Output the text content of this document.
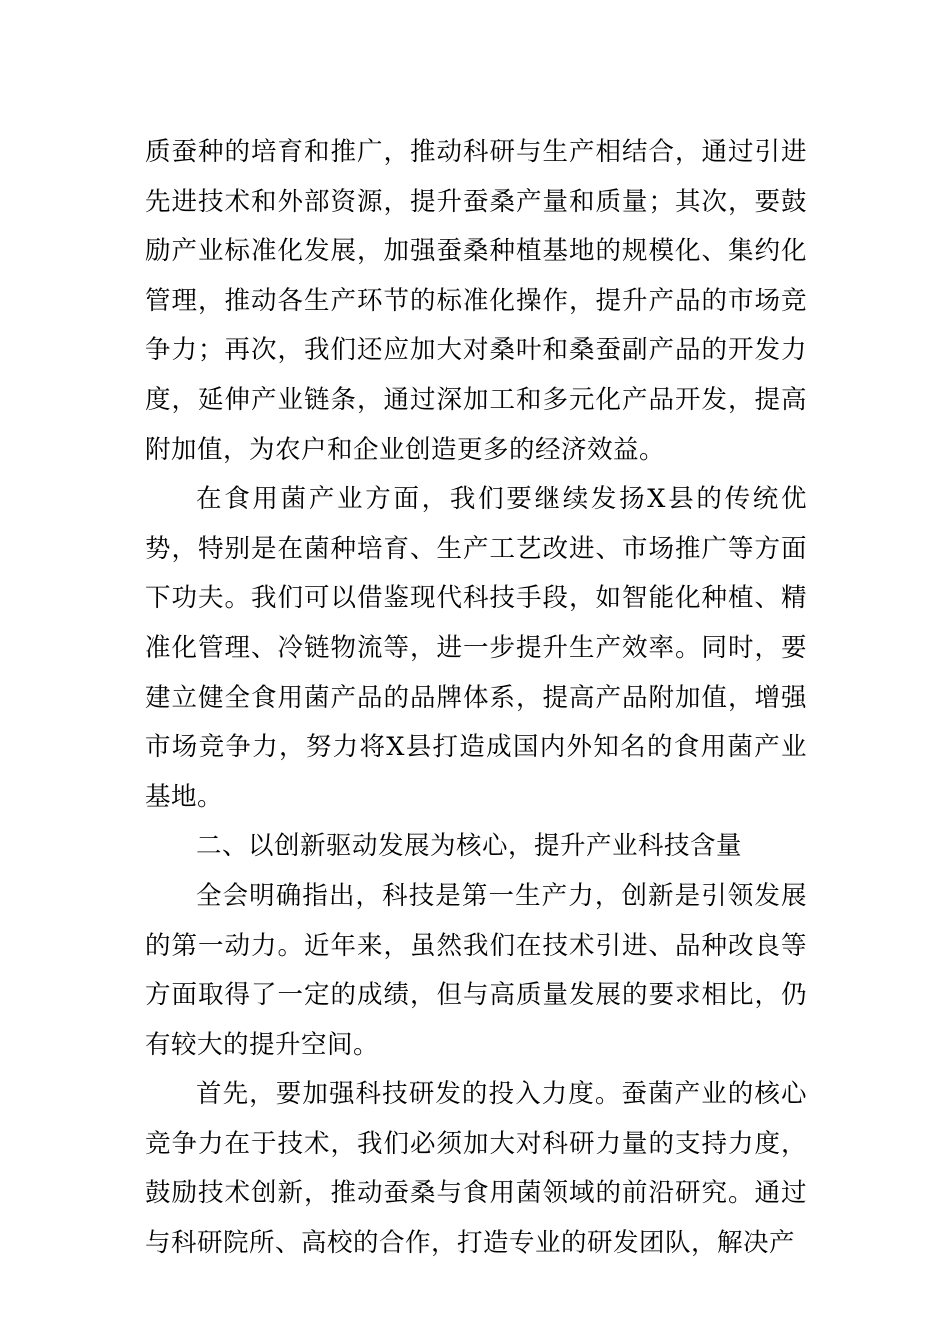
质蚕种的培育和推广，推动科研与生产相结合，通过引进先进技术和外部资源，提升蚕桑产量和质量；其次，要鼓励产业标准化发展，加强蚕桑种植基地的规模化、集约化管理，推动各生产环节的标准化操作，提升产品的市场竞争力；再次，我们还应加大对桑叶和桑蚕副产品的开发力度，延伸产业链条，通过深加工和多元化产品开发，提高附加值，为农户和企业创造更多的经济效益。

在食用菌产业方面，我们要继续发扬X县的传统优势，特别是在菌种培育、生产工艺改进、市场推广等方面下功夫。我们可以借鉴现代科技手段，如智能化种植、精准化管理、冷链物流等，进一步提升生产效率。同时，要建立健全食用菌产品的品牌体系，提高产品附加值，增强市场竞争力，努力将X县打造成国内外知名的食用菌产业基地。

二、以创新驱动发展为核心，提升产业科技含量

全会明确指出，科技是第一生产力，创新是引领发展的第一动力。近年来，虽然我们在技术引进、品种改良等方面取得了一定的成绩，但与高质量发展的要求相比，仍有较大的提升空间。

首先，要加强科技研发的投入力度。蚕菌产业的核心竞争力在于技术，我们必须加大对科研力量的支持力度，鼓励技术创新，推动蚕桑与食用菌领域的前沿研究。通过与科研院所、高校的合作，打造专业的研发团队，解决产
